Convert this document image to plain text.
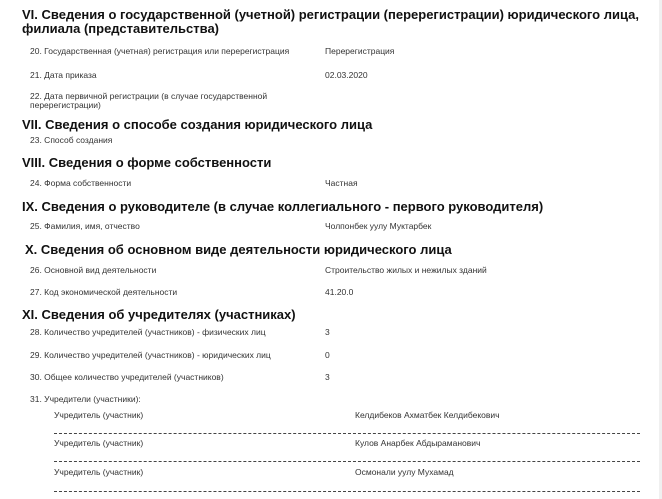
VI. Сведения о государственной (учетной) регистрации (перерегистрации) юридического лица,
филиала (представительства)
20. Государственная (учетная) регистрация или перерегистрация	Перерегистрация
21. Дата приказа	02.03.2020
22. Дата первичной регистрации (в случае государственной
перерегистрации)
VII. Сведения о способе создания юридического лица
23. Способ создания
VIII. Сведения о форме собственности
24. Форма собственности	Частная
IX. Сведения о руководителе (в случае коллегиального - первого руководителя)
25. Фамилия, имя, отчество	Чолпонбек уулу Муктарбек
X. Сведения об основном виде деятельности юридического лица
26. Основной вид деятельности	Строительство жилых и нежилых зданий
27. Код экономической деятельности	41.20.0
XI. Сведения об учредителях (участниках)
28. Количество учредителей (участников) - физических лиц	3
29. Количество учредителей (участников) - юридических лиц	0
30. Общее количество учредителей (участников)	3
31. Учредители (участники):
Учредитель (участник)	Келдибеков Ахматбек Келдибекович
Учредитель (участник)	Кулов Анарбек Абдыраманович
Учредитель (участник)	Осмонали уулу Мухамад
